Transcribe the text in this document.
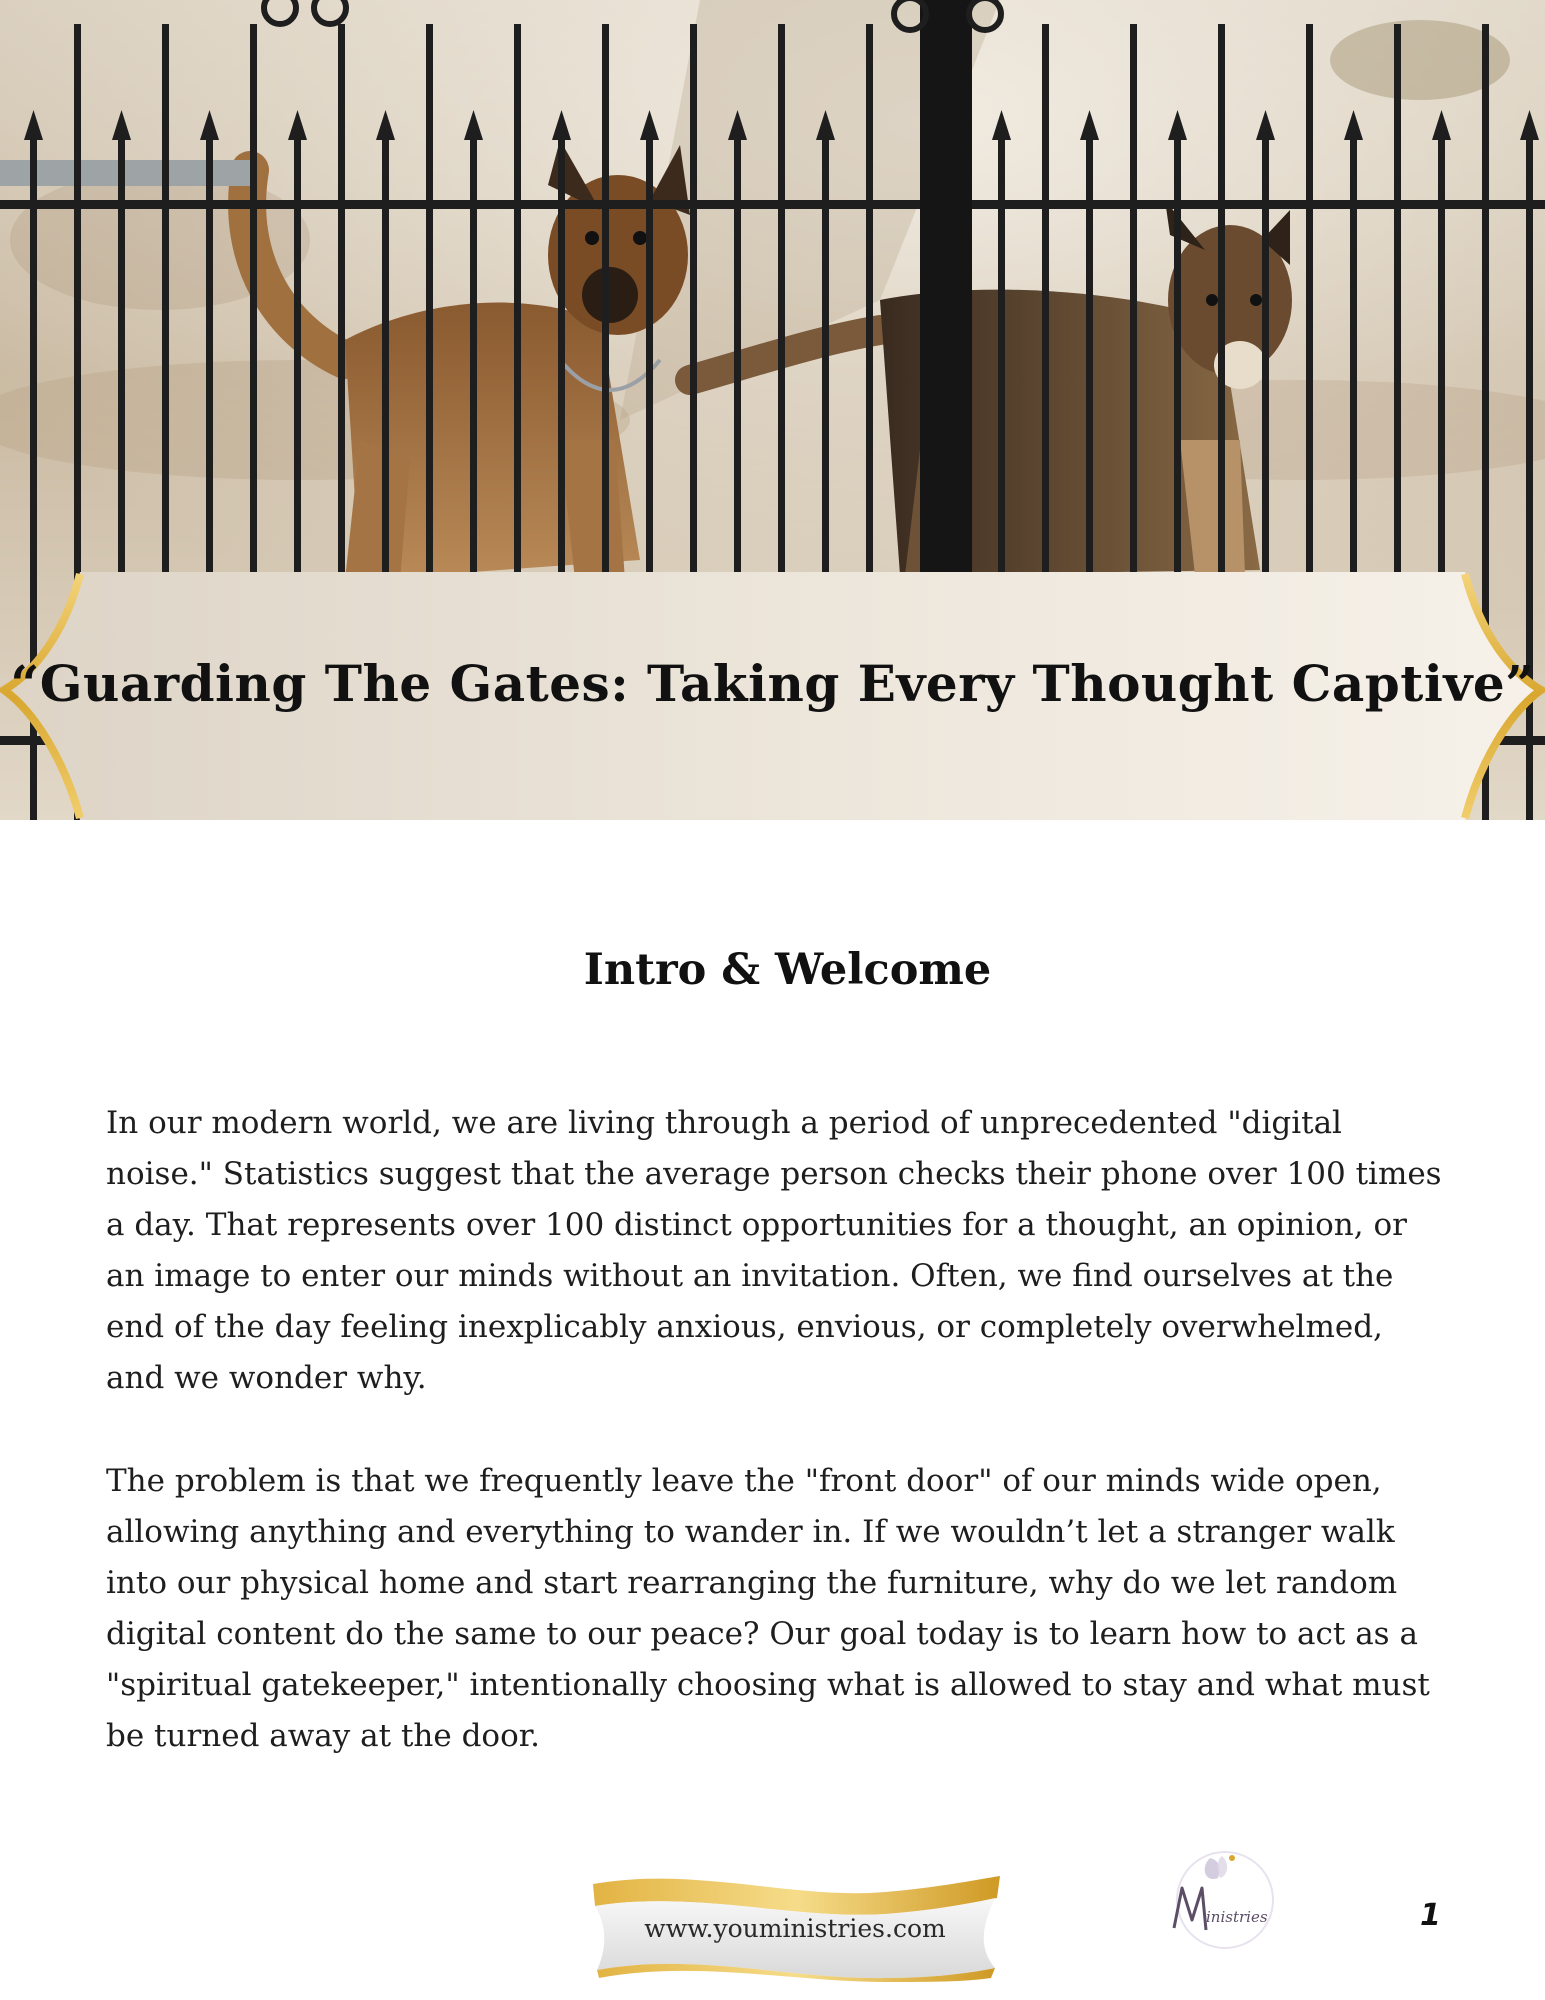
“Guarding The Gates: Taking Every Thought Captive”
Intro & Welcome

In our modern world, we are living through a period of unprecedented "digital noise." Statistics suggest that the average person checks their phone over 100 times a day. That represents over 100 distinct opportunities for a thought, an opinion, or an image to enter our minds without an invitation. Often, we find ourselves at the end of the day feeling inexplicably anxious, envious, or completely overwhelmed, and we wonder why.

The problem is that we frequently leave the "front door" of our minds wide open, allowing anything and everything to wander in. If we wouldn’t let a stranger walk into our physical home and start rearranging the furniture, why do we let random digital content do the same to our peace? Our goal today is to learn how to act as a "spiritual gatekeeper," intentionally choosing what is allowed to stay and what must be turned away at the door.

www.youministries.com	inistries	1
